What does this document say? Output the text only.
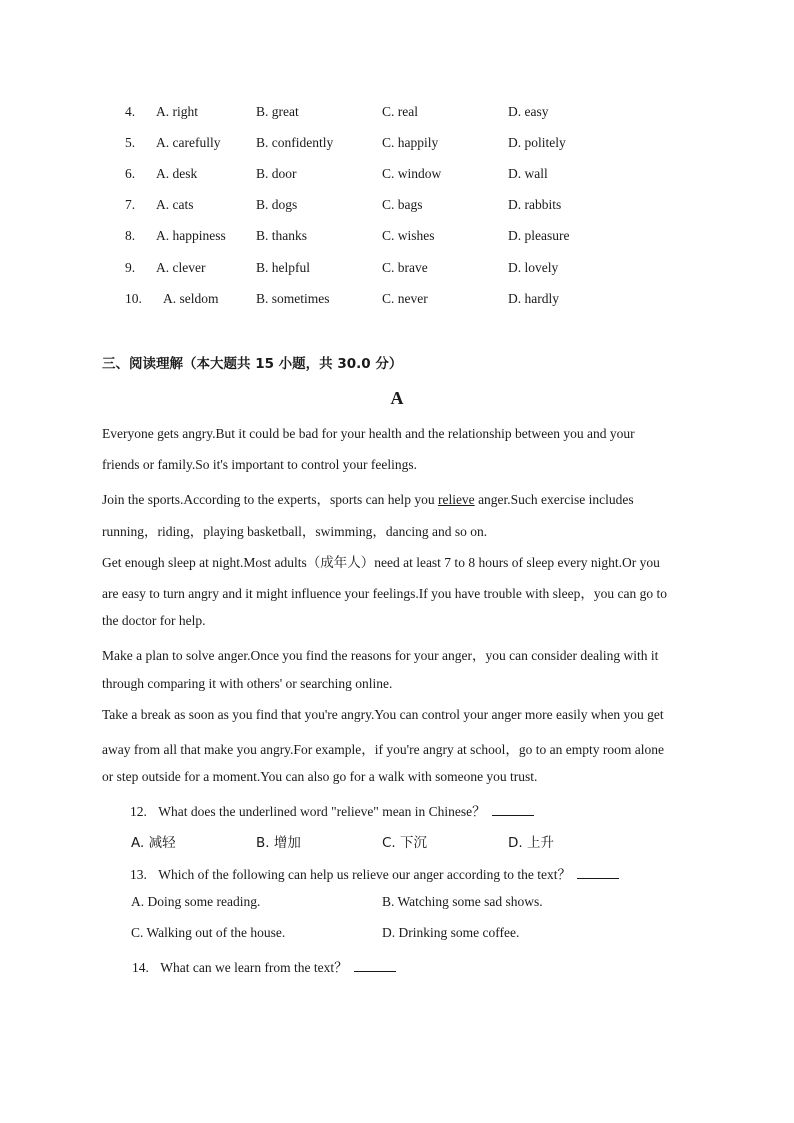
4. A. right	B. great	C. real	D. easy
5. A. carefully	B. confidently	C. happily	D. politely
6. A. desk	B. door	C. window	D. wall
7. A. cats	B. dogs	C. bags	D. rabbits
8. A. happiness B. thanks	C. wishes	D. pleasure
9. A. clever	B. helpful	C. brave	D. lovely
10. A. seldom	B. sometimes	C. never	D. hardly
三、阅读理解（本大题共 15 小题，共 30.0 分）
A
Everyone gets angry.But it could be bad for your health and the relationship between you and your
friends or family.So it's important to control your feelings.
Join the sports.According to the experts，sports can help you relieve anger.Such exercise includes
running，riding，playing basketball，swimming，dancing and so on.
Get enough sleep at night.Most adults（成年人）need at least 7 to 8 hours of sleep every night.Or you
are easy to turn angry and it might influence your feelings.If you have trouble with sleep，you can go to
the doctor for help.
Make a plan to solve anger.Once you find the reasons for your anger，you can consider dealing with it
through comparing it with others' or searching online.
Take a break as soon as you find that you're angry.You can control your anger more easily when you get
away from all that make you angry.For example，if you're angry at school，go to an empty room alone
or step outside for a moment.You can also go for a walk with someone you trust.
12. What does the underlined word "relieve" mean in Chinese？
A. 减轻	B. 增加	C. 下沉	D. 上升
13. Which of the following can help us relieve our anger according to the text？
A. Doing some reading.	B. Watching some sad shows.
C. Walking out of the house.	D. Drinking some coffee.
14. What can we learn from the text？
